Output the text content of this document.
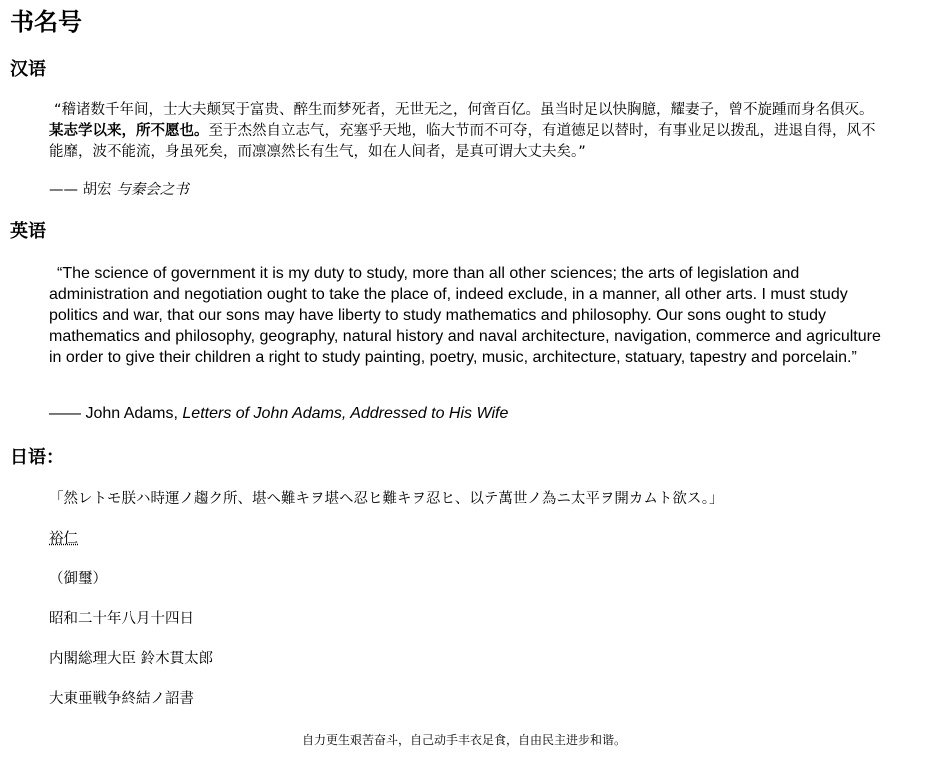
书名号
汉语

“稽诸数千年间，士大夫颠冥于富贵、醉生而梦死者，无世无之，何啻百亿。虽当时足以快胸臆，耀妻子，曾不旋踵而身名俱灭。 某志学以来，所不愿也。至于杰然自立志气，充塞乎天地，临大节而不可夺，有道德足以替时，有事业足以拨乱，进退自得，风不能靡，波不能流，身虽死矣，而凛凛然长有生气，如在人间者，是真可谓大丈夫矣。”

—— 胡宏 与秦会之书
英语

“The science of government it is my duty to study, more than all other sciences; the arts of legislation and administration and negotiation ought to take the place of, indeed exclude, in a manner, all other arts. I must study politics and war, that our sons may have liberty to study mathematics and philosophy. Our sons ought to study mathematics and philosophy, geography, natural history and naval architecture, navigation, commerce and agriculture in order to give their children a right to study painting, poetry, music, architecture, statuary, tapestry and porcelain.”

—— John Adams, Letters of John Adams, Addressed to His Wife
日语：
「然レトモ朕ハ時運ノ趨ク所、堪ヘ難キヲ堪ヘ忍ヒ難キヲ忍ヒ、以テ萬世ノ為ニ太平ヲ開カムト欲ス。」
裕仁
（御璽）
昭和二十年八月十四日
内閣総理大臣 鈴木貫太郎
大東亜戦争終結ノ詔書
自力更生艰苦奋斗，自己动手丰衣足食，自由民主进步和谐。
